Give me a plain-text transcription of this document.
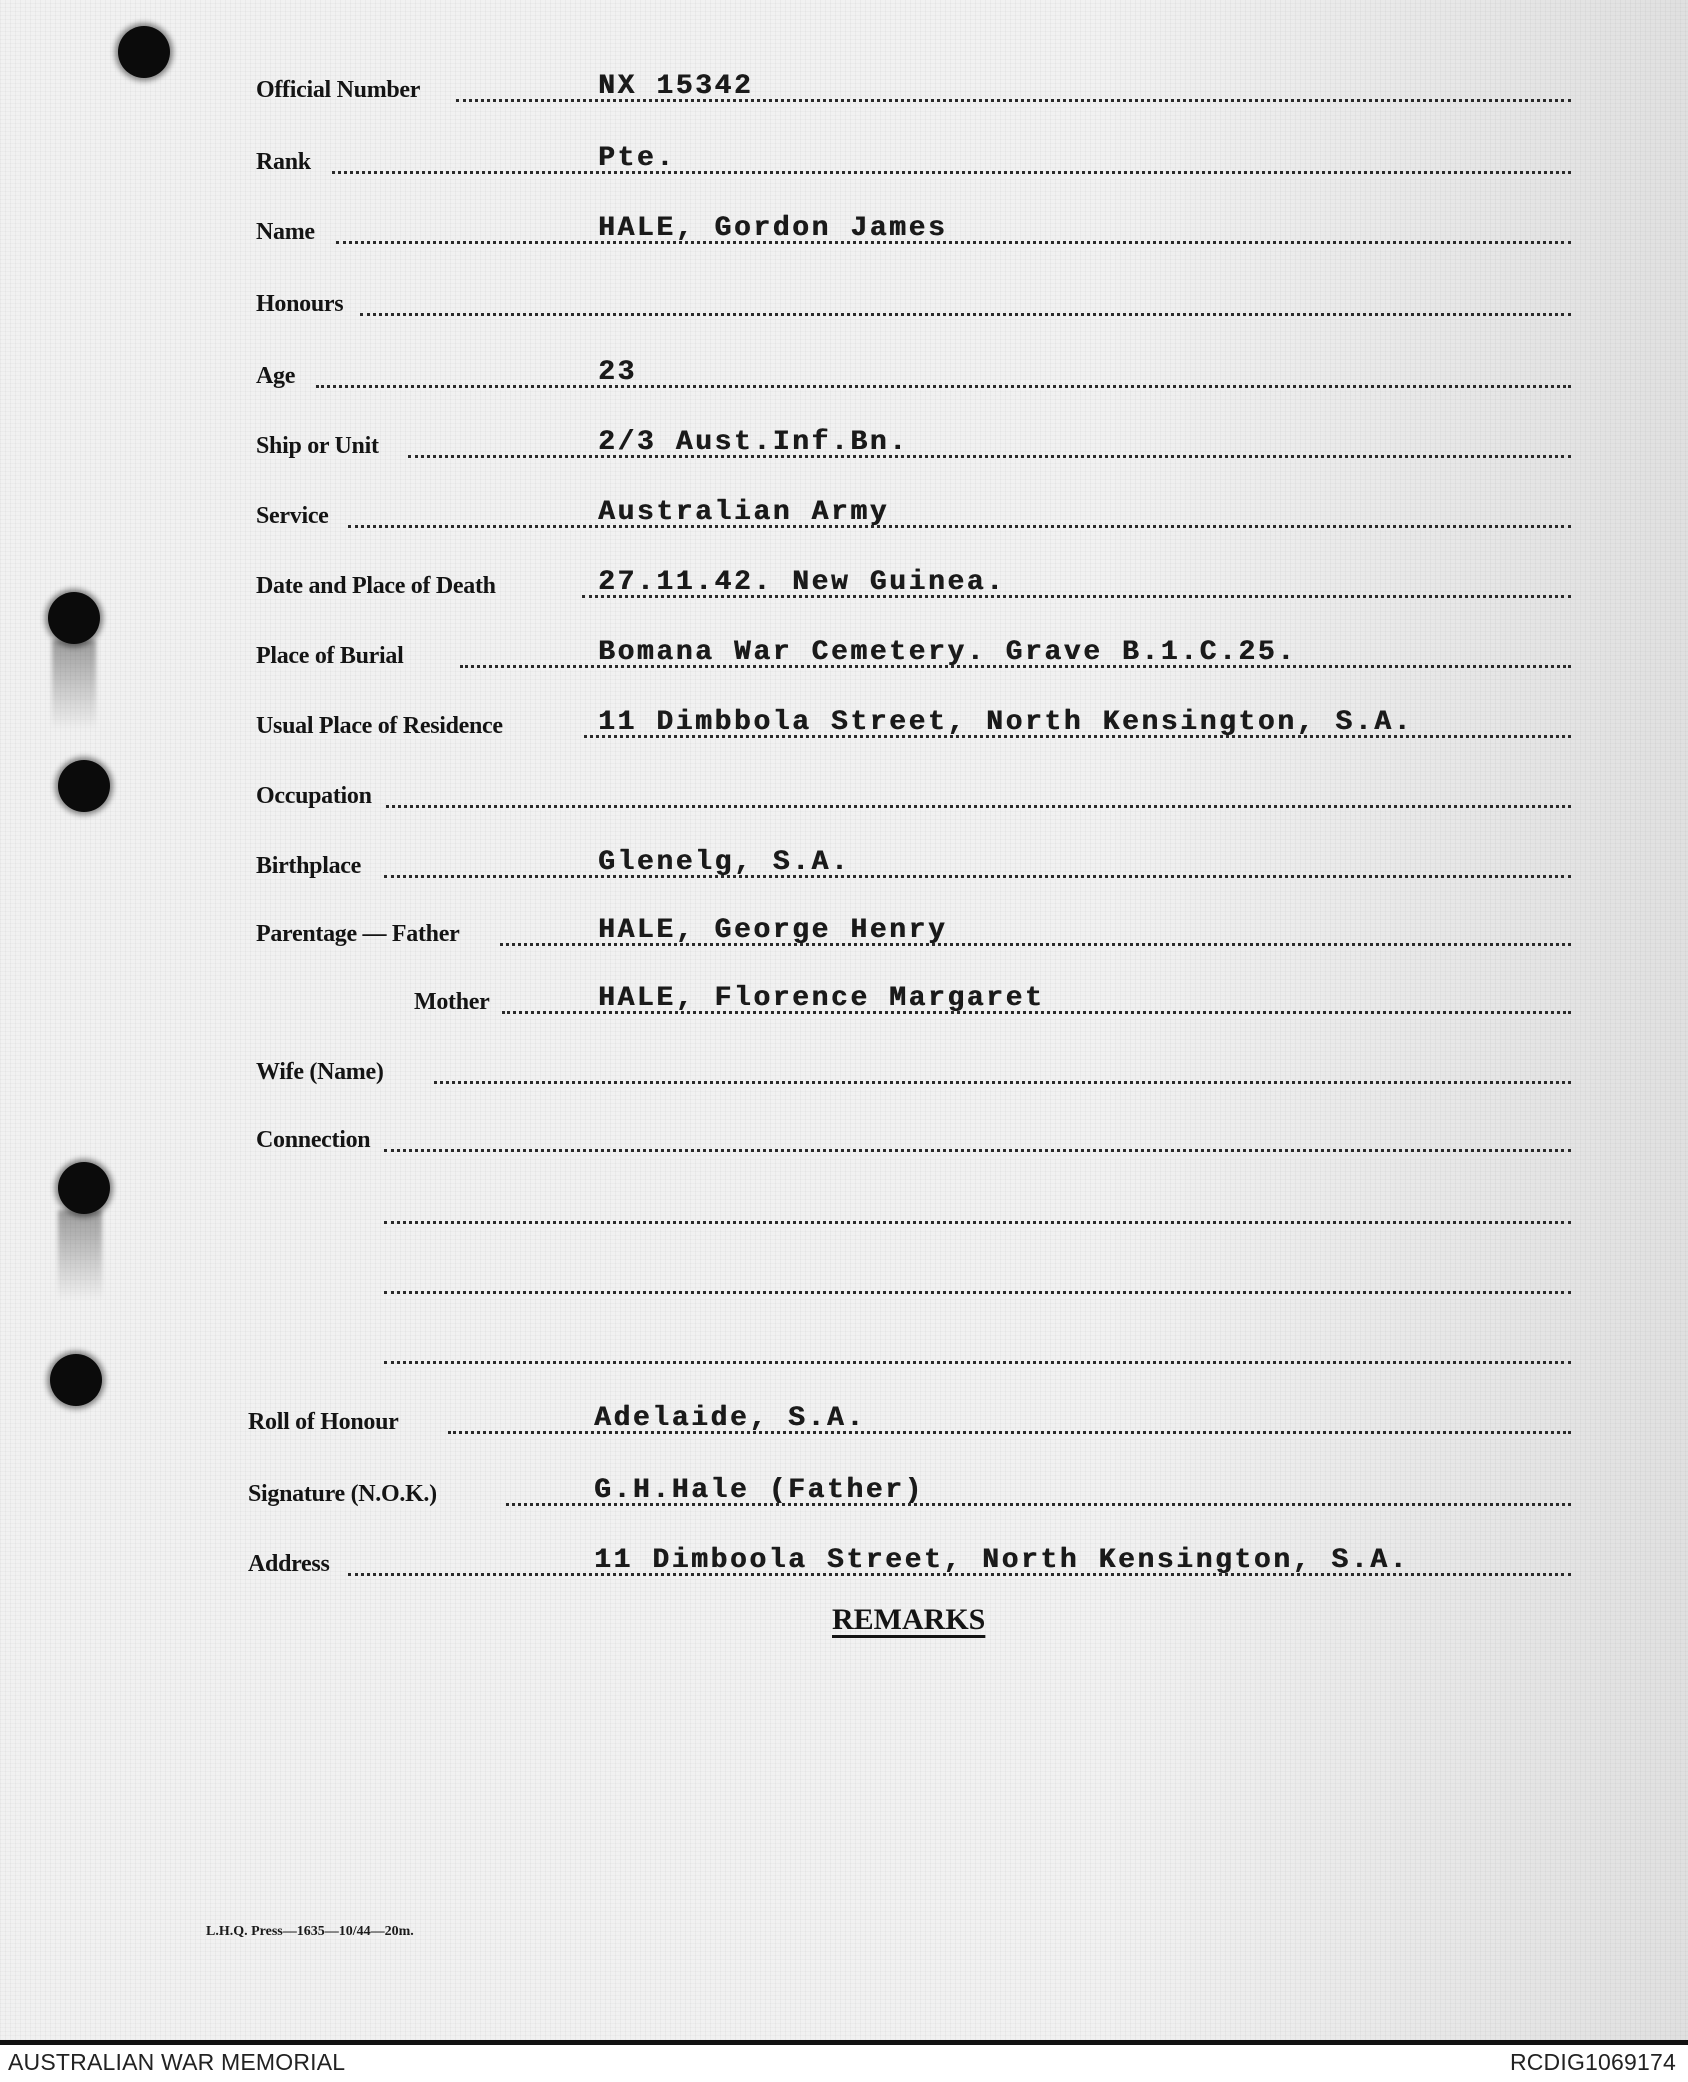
Official Number	NX 15342
Rank	Pte.
Name	HALE, Gordon James
Honours
Age	23
Ship or Unit	2/3 Aust.Inf.Bn.
Service	Australian Army
Date and Place of Death	27.11.42. New Guinea.
Place of Burial	Bomana War Cemetery. Grave B.1.C.25.
Usual Place of Residence	11 Dimbbola Street, North Kensington, S.A.
Occupation
Birthplace	Glenelg, S.A.
Parentage — Father	HALE, George Henry
Mother	HALE, Florence Margaret
Wife (Name)
Connection
Roll of Honour	Adelaide, S.A.
Signature (N.O.K.)	G.H.Hale (Father)
Address	11 Dimboola Street, North Kensington, S.A.
REMARKS
L.H.Q. Press—1635—10/44—20m.
AUSTRALIAN WAR MEMORIAL	RCDIG1069174
